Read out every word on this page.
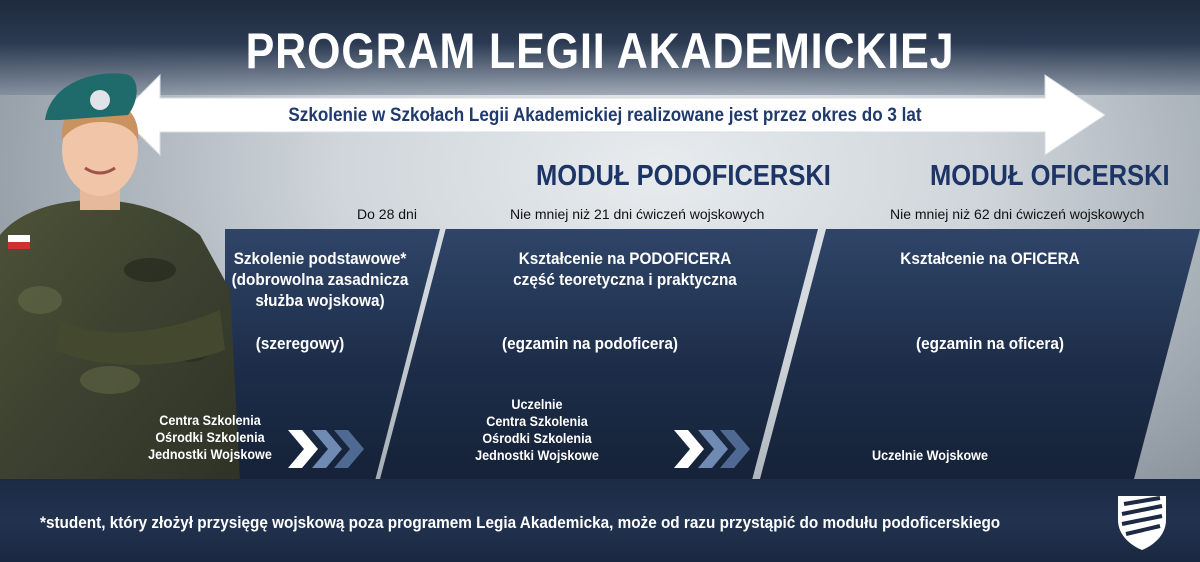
PROGRAM LEGII AKADEMICKIEJ
Szkolenie w Szkołach Legii Akademickiej realizowane jest przez okres do 3 lat
MODUŁ PODOFICERSKI	MODUŁ OFICERSKI
Do 28 dni	Nie mniej niż 21 dni ćwiczeń wojskowych	Nie mniej niż 62 dni ćwiczeń wojskowych
Szkolenie podstawowe*
(dobrowolna zasadnicza
służba wojskowa)
(szeregowy)
Centra Szkolenia
Ośrodki Szkolenia
Jednostki Wojskowe
Kształcenie na PODOFICERA
część teoretyczna i praktyczna
(egzamin na podoficera)
Uczelnie
Centra Szkolenia
Ośrodki Szkolenia
Jednostki Wojskowe
Kształcenie na OFICERA
(egzamin na oficera)
Uczelnie Wojskowe
*student, który złożył przysięgę wojskową poza programem Legia Akademicka, może od razu przystąpić do modułu podoficerskiego
